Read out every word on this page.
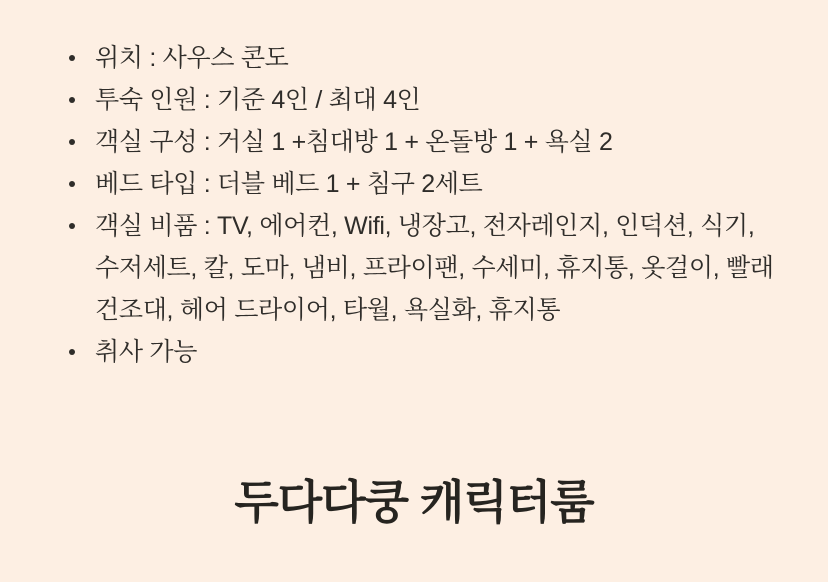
위치 : 사우스 콘도
투숙 인원 : 기준 4인 / 최대 4인
객실 구성 : 거실 1 +침대방 1 + 온돌방 1 + 욕실 2
베드 타입 : 더블 베드 1 + 침구 2세트
객실 비품 : TV, 에어컨, Wifi, 냉장고, 전자레인지, 인덕션, 식기, 수저세트, 칼, 도마, 냄비, 프라이팬, 수세미, 휴지통, 옷걸이, 빨래 건조대, 헤어 드라이어, 타월, 욕실화, 휴지통
취사 가능
두다다쿵 캐릭터룸
